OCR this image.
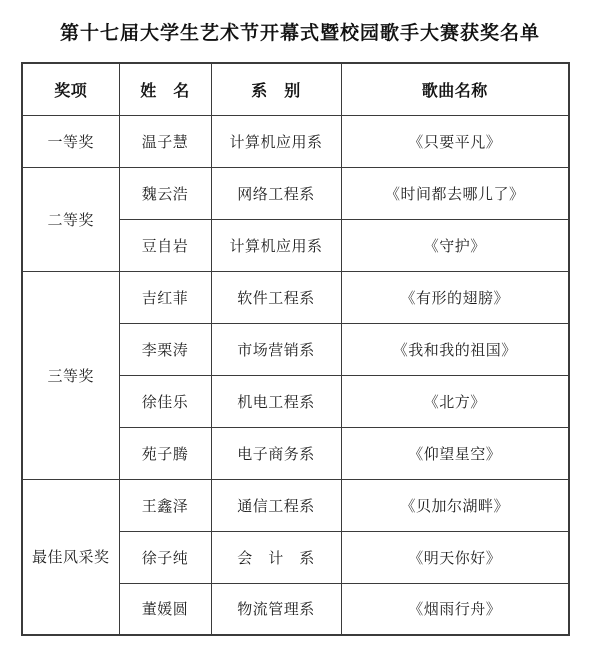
第十七届大学生艺术节开幕式暨校园歌手大赛获奖名单
奖项	姓　名	系　别	歌曲名称
一等奖	温子慧	计算机应用系	《只要平凡》
二等奖	魏云浩	网络工程系	《时间都去哪儿了》
	豆自岩	计算机应用系	《守护》
三等奖	吉红菲	软件工程系	《有形的翅膀》
	李栗涛	市场营销系	《我和我的祖国》
	徐佳乐	机电工程系	《北方》
	苑子腾	电子商务系	《仰望星空》
最佳风采奖	王鑫泽	通信工程系	《贝加尔湖畔》
	徐子纯	会　计　系	《明天你好》
	董媛圆	物流管理系	《烟雨行舟》
